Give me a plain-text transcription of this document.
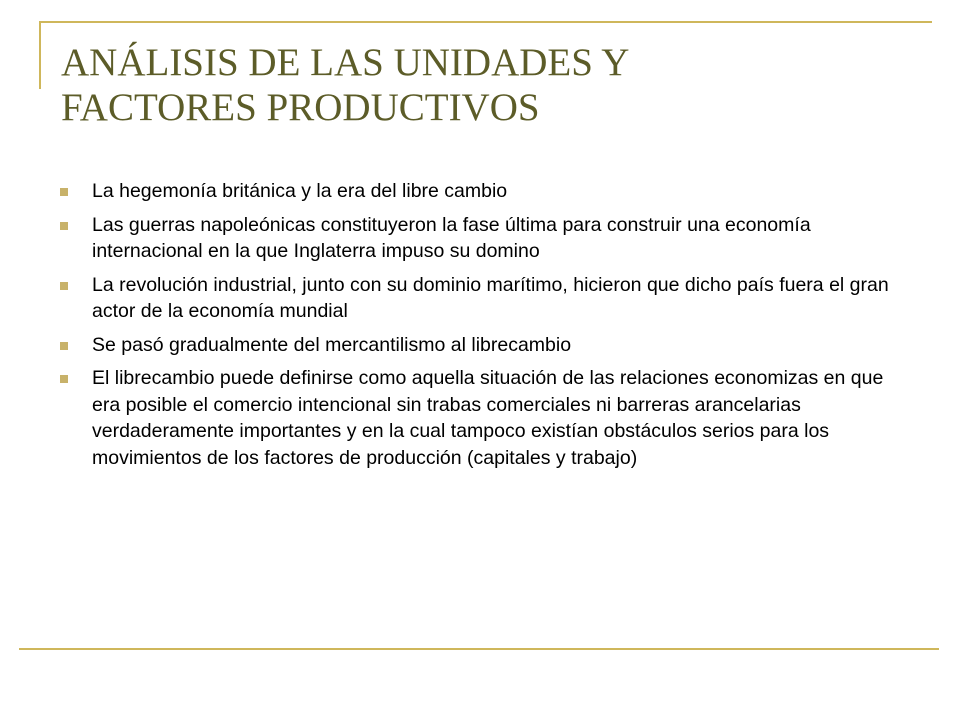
ANÁLISIS DE LAS UNIDADES Y
FACTORES PRODUCTIVOS
La hegemonía británica y la era del libre cambio
Las guerras napoleónicas constituyeron la fase última para construir una economía internacional en la que Inglaterra impuso su domino
La revolución industrial, junto con su dominio marítimo, hicieron que dicho país fuera el gran actor de la economía mundial
Se pasó gradualmente del mercantilismo al librecambio
El librecambio puede definirse como aquella situación de las relaciones economizas en que era posible el comercio intencional sin trabas comerciales ni barreras arancelarias verdaderamente importantes y en la cual tampoco existían obstáculos serios para los movimientos de los factores de producción (capitales y trabajo)
